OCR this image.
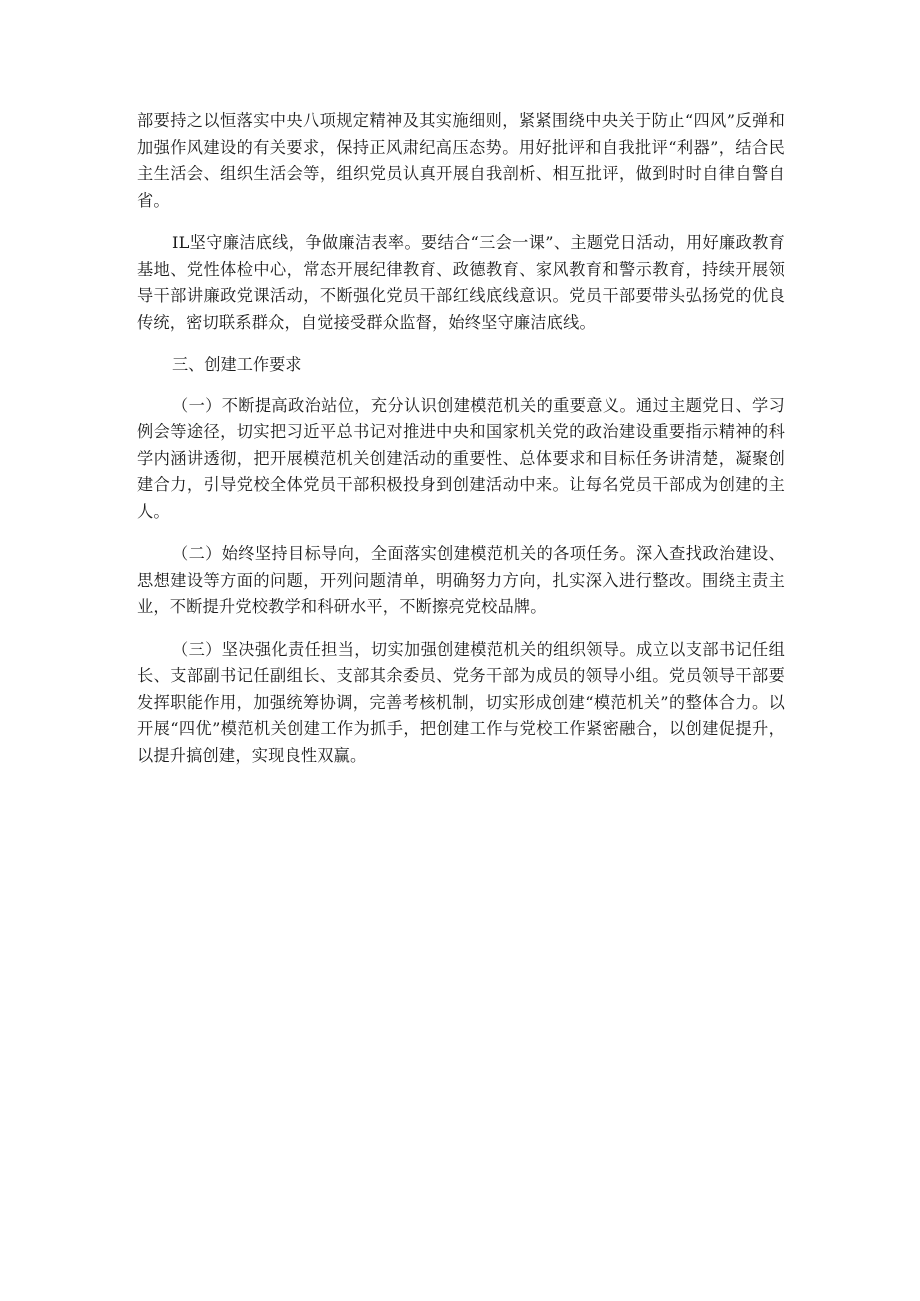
部要持之以恒落实中央八项规定精神及其实施细则，紧紧围绕中央关于防止“四风”反弹和加强作风建设的有关要求，保持正风肃纪高压态势。用好批评和自我批评“利器”，结合民主生活会、组织生活会等，组织党员认真开展自我剖析、相互批评，做到时时自律自警自省。

IL坚守廉洁底线，争做廉洁表率。要结合“三会一课”、主题党日活动，用好廉政教育基地、党性体检中心，常态开展纪律教育、政德教育、家风教育和警示教育，持续开展领导干部讲廉政党课活动，不断强化党员干部红线底线意识。党员干部要带头弘扬党的优良传统，密切联系群众，自觉接受群众监督，始终坚守廉洁底线。

三、创建工作要求

（一）不断提高政治站位，充分认识创建模范机关的重要意义。通过主题党日、学习例会等途径，切实把习近平总书记对推进中央和国家机关党的政治建设重要指示精神的科学内涵讲透彻，把开展模范机关创建活动的重要性、总体要求和目标任务讲清楚，凝聚创建合力，引导党校全体党员干部积极投身到创建活动中来。让每名党员干部成为创建的主人。

（二）始终坚持目标导向，全面落实创建模范机关的各项任务。深入查找政治建设、思想建设等方面的问题，开列问题清单，明确努力方向，扎实深入进行整改。围绕主责主业，不断提升党校教学和科研水平，不断擦亮党校品牌。

（三）坚决强化责任担当，切实加强创建模范机关的组织领导。成立以支部书记任组长、支部副书记任副组长、支部其余委员、党务干部为成员的领导小组。党员领导干部要发挥职能作用，加强统筹协调，完善考核机制，切实形成创建“模范机关”的整体合力。以开展“四优”模范机关创建工作为抓手，把创建工作与党校工作紧密融合，以创建促提升，以提升搞创建，实现良性双赢。
